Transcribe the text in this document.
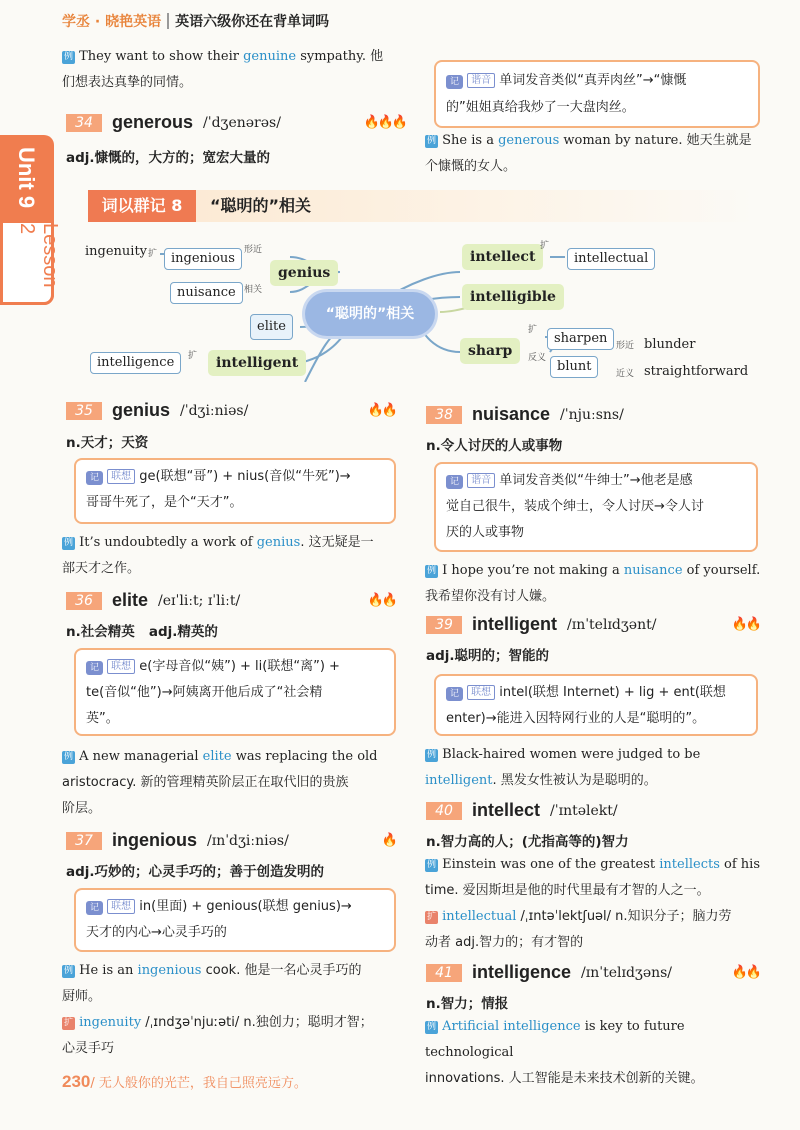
学丞 · 晓艳英语 英语六级你还在背单词吗
Unit 9
Lesson 2
例 They want to show their genuine sympathy. 他
们想表达真挚的同情。
34	generous /ˈdʒenərəs/	🔥🔥🔥
adj.慷慨的，大方的；宽宏大量的
记 谐音 单词发音类似“真弄肉丝”→“慷慨
的”姐姐真给我炒了一大盘肉丝。
例 She is a generous woman by nature. 她天生就是
个慷慨的女人。
词以群记 8	“聪明的”相关
ingenuity 扩	ingenious
形近
genius
相关
nuisance
elite
“聪明的”相关
intelligence	扩	intelligent
intellect
扩
intellectual
intelligible
sharp
扩
反义
sharpen 形近 blunder
blunt	近义 straightforward
35	genius /ˈdʒiːniəs/	🔥🔥
n.天才；天资
记 联想 ge(联想“哥”) + nius(音似“牛死”)→
哥哥牛死了，是个“天才”。
例 It’s undoubtedly a work of genius. 这无疑是一
部天才之作。
36	elite /eɪˈliːt; ɪˈliːt/	🔥🔥
n.社会精英 adj.精英的
记 联想 e(字母音似“姨”) + li(联想“离”) +
te(音似“他”)→阿姨离开他后成了“社会精
英”。
例 A new managerial elite was replacing the old
aristocracy. 新的管理精英阶层正在取代旧的贵族
阶层。
37	ingenious /ɪnˈdʒiːniəs/	🔥
adj.巧妙的；心灵手巧的；善于创造发明的
记 联想 in(里面) + genious(联想 genius)→
天才的内心→心灵手巧的
例 He is an ingenious cook. 他是一名心灵手巧的
厨师。
扩 ingenuity /ˌɪndʒəˈnjuːəti/ n.独创力；聪明才智；
心灵手巧
38	nuisance /ˈnjuːsns/
n.令人讨厌的人或事物
记 谐音 单词发音类似“牛绅士”→他老是感
觉自己很牛，装成个绅士，令人讨厌→令人讨
厌的人或事物
例 I hope you’re not making a nuisance of yourself.
我希望你没有讨人嫌。
39	intelligent /ɪnˈtelɪdʒənt/	🔥🔥
adj.聪明的；智能的
记 联想 intel(联想 Internet) + lig + ent(联想
enter)→能进入因特网行业的人是“聪明的”。
例 Black-haired women were judged to be
intelligent. 黑发女性被认为是聪明的。
40	intellect /ˈɪntəlekt/
n.智力高的人；(尤指高等的)智力
例 Einstein was one of the greatest intellects of his
time. 爱因斯坦是他的时代里最有才智的人之一。
扩 intellectual /ˌɪntəˈlektʃuəl/ n.知识分子；脑力劳
动者 adj.智力的；有才智的
41	intelligence /ɪnˈtelɪdʒəns/	🔥🔥
n.智力；情报
例 Artificial intelligence is key to future technological
innovations. 人工智能是未来技术创新的关键。
230/ 无人般你的光芒，我自己照亮远方。
